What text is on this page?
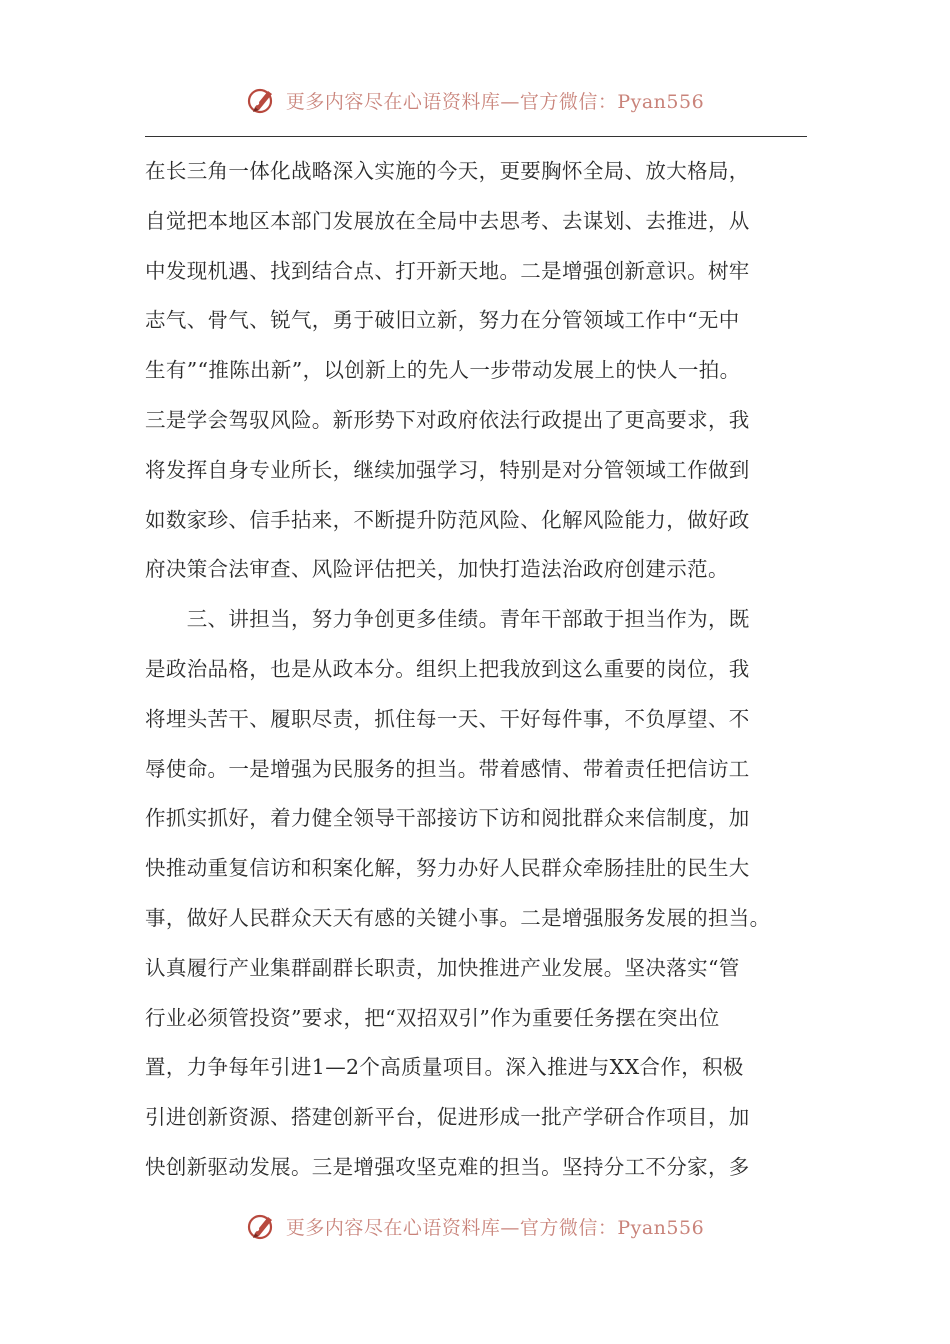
更多内容尽在心语资料库—官方微信：Pyan556
在长三角一体化战略深入实施的今天，更要胸怀全局、放大格局，
自觉把本地区本部门发展放在全局中去思考、去谋划、去推进，从
中发现机遇、找到结合点、打开新天地。二是增强创新意识。树牢
志气、骨气、锐气，勇于破旧立新，努力在分管领域工作中“无中
生有”“推陈出新”，以创新上的先人一步带动发展上的快人一拍。
三是学会驾驭风险。新形势下对政府依法行政提出了更高要求，我
将发挥自身专业所长，继续加强学习，特别是对分管领域工作做到
如数家珍、信手拈来，不断提升防范风险、化解风险能力，做好政
府决策合法审查、风险评估把关，加快打造法治政府创建示范。
　　三、讲担当，努力争创更多佳绩。青年干部敢于担当作为，既
是政治品格，也是从政本分。组织上把我放到这么重要的岗位，我
将埋头苦干、履职尽责，抓住每一天、干好每件事，不负厚望、不
辱使命。一是增强为民服务的担当。带着感情、带着责任把信访工
作抓实抓好，着力健全领导干部接访下访和阅批群众来信制度，加
快推动重复信访和积案化解，努力办好人民群众牵肠挂肚的民生大
事，做好人民群众天天有感的关键小事。二是增强服务发展的担当。
认真履行产业集群副群长职责，加快推进产业发展。坚决落实“管
行业必须管投资”要求，把“双招双引”作为重要任务摆在突出位
置，力争每年引进1—2个高质量项目。深入推进与XX合作，积极
引进创新资源、搭建创新平台，促进形成一批产学研合作项目，加
快创新驱动发展。三是增强攻坚克难的担当。坚持分工不分家，多
更多内容尽在心语资料库—官方微信：Pyan556
